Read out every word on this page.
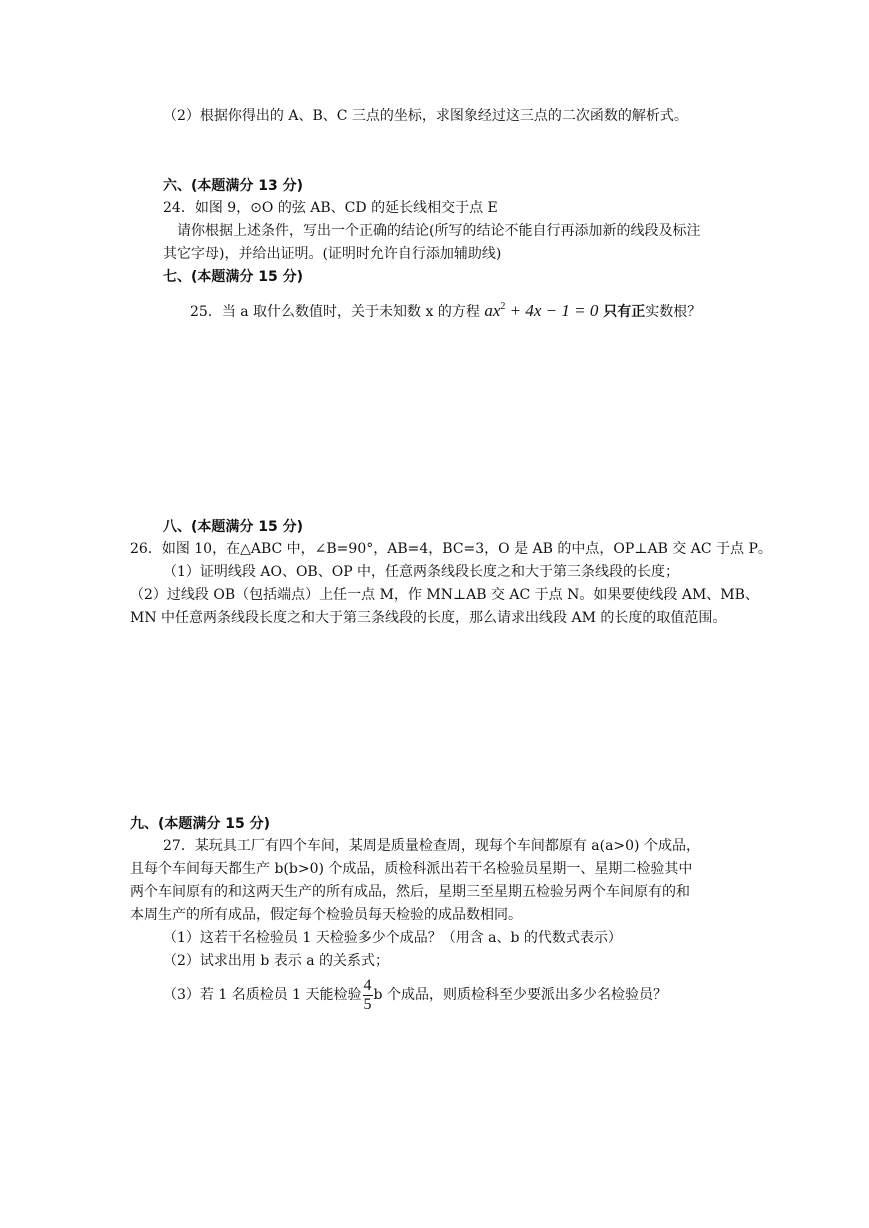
（2）根据你得出的 A、B、C 三点的坐标，求图象经过这三点的二次函数的解析式。
六、(本题满分 13 分)
24．如图 9，⊙O 的弦 AB、CD 的延长线相交于点 E
请你根据上述条件，写出一个正确的结论(所写的结论不能自行再添加新的线段及标注
其它字母)，并给出证明。(证明时允许自行添加辅助线)
七、(本题满分 15 分)
25．当 a 取什么数值时，关于未知数 x 的方程 $ax^2 + 4x - 1 = 0$ 只有正实数根？
八、(本题满分 15 分)
26．如图 10，在△ABC 中，∠B=90°，AB=4，BC=3，O 是 AB 的中点，OP⊥AB 交 AC 于点 P。
（1）证明线段 AO、OB、OP 中，任意两条线段长度之和大于第三条线段的长度；
（2）过线段 OB（包括端点）上任一点 M，作 MN⊥AB 交 AC 于点 N。如果要使线段 AM、MB、
MN 中任意两条线段长度之和大于第三条线段的长度，那么请求出线段 AM 的长度的取值范围。
九、(本题满分 15 分)
27．某玩具工厂有四个车间，某周是质量检查周，现每个车间都原有 a(a>0) 个成品，
且每个车间每天都生产 b(b>0) 个成品，质检科派出若干名检验员星期一、星期二检验其中
两个车间原有的和这两天生产的所有成品，然后，星期三至星期五检验另两个车间原有的和
本周生产的所有成品，假定每个检验员每天检验的成品数相同。
（1）这若干名检验员 1 天检验多少个成品？（用含 a、b 的代数式表示）
（2）试求出用 b 表示 a 的关系式；
（3）若 1 名质检员 1 天能检验 $\frac{4}{5}$ b 个成品，则质检科至少要派出多少名检验员？
